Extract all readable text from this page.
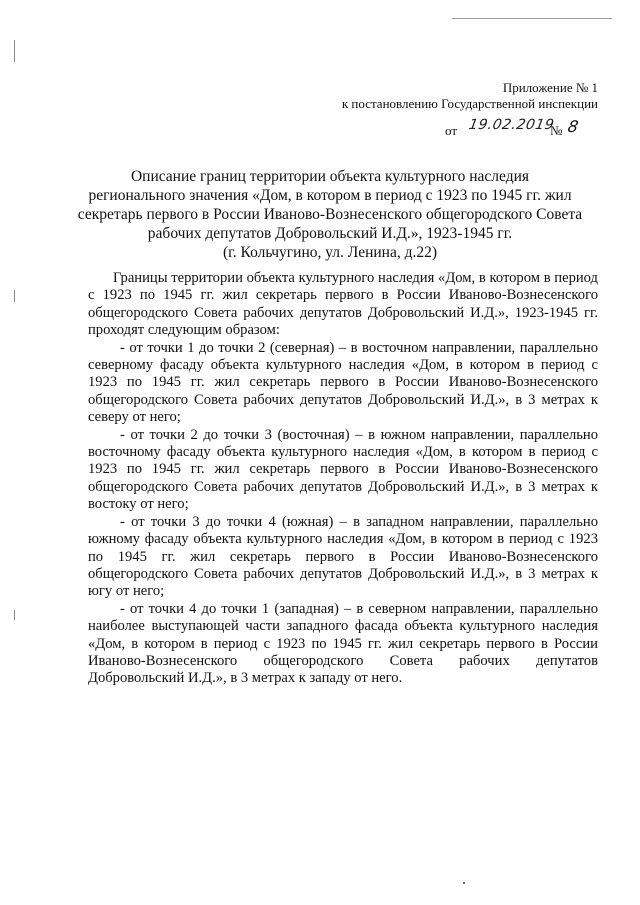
Приложение № 1
к постановлению Государственной инспекции
от 19.02.2019
№ 8
Описание границ территории объекта культурного наследия
регионального значения «Дом, в котором в период с 1923 по 1945 гг. жил
секретарь первого в России Иваново-Вознесенского общегородского Совета
рабочих депутатов Добровольский И.Д.», 1923-1945 гг.
(г. Кольчугино, ул. Ленина, д.22)

Границы территории объекта культурного наследия «Дом, в котором в период с 1923 по 1945 гг. жил секретарь первого в России Иваново-Вознесенского общегородского Совета рабочих депутатов Добровольский И.Д.», 1923-1945 гг. проходят следующим образом:

- от точки 1 до точки 2 (северная) – в восточном направлении, параллельно северному фасаду объекта культурного наследия «Дом, в котором в период с 1923 по 1945 гг. жил секретарь первого в России Иваново-Вознесенского общегородского Совета рабочих депутатов Добровольский И.Д.», в 3 метрах к северу от него;

- от точки 2 до точки 3 (восточная) – в южном направлении, параллельно восточному фасаду объекта культурного наследия «Дом, в котором в период с 1923 по 1945 гг. жил секретарь первого в России Иваново-Вознесенского общегородского Совета рабочих депутатов Добровольский И.Д.», в 3 метрах к востоку от него;

- от точки 3 до точки 4 (южная) – в западном направлении, параллельно южному фасаду объекта культурного наследия «Дом, в котором в период с 1923 по 1945 гг. жил секретарь первого в России Иваново-Вознесенского общегородского Совета рабочих депутатов Добровольский И.Д.», в 3 метрах к югу от него;

- от точки 4 до точки 1 (западная) – в северном направлении, параллельно наиболее выступающей части западного фасада объекта культурного наследия «Дом, в котором в период с 1923 по 1945 гг. жил секретарь первого в России Иваново-Вознесенского общегородского Совета рабочих депутатов Добровольский И.Д.», в 3 метрах к западу от него.
